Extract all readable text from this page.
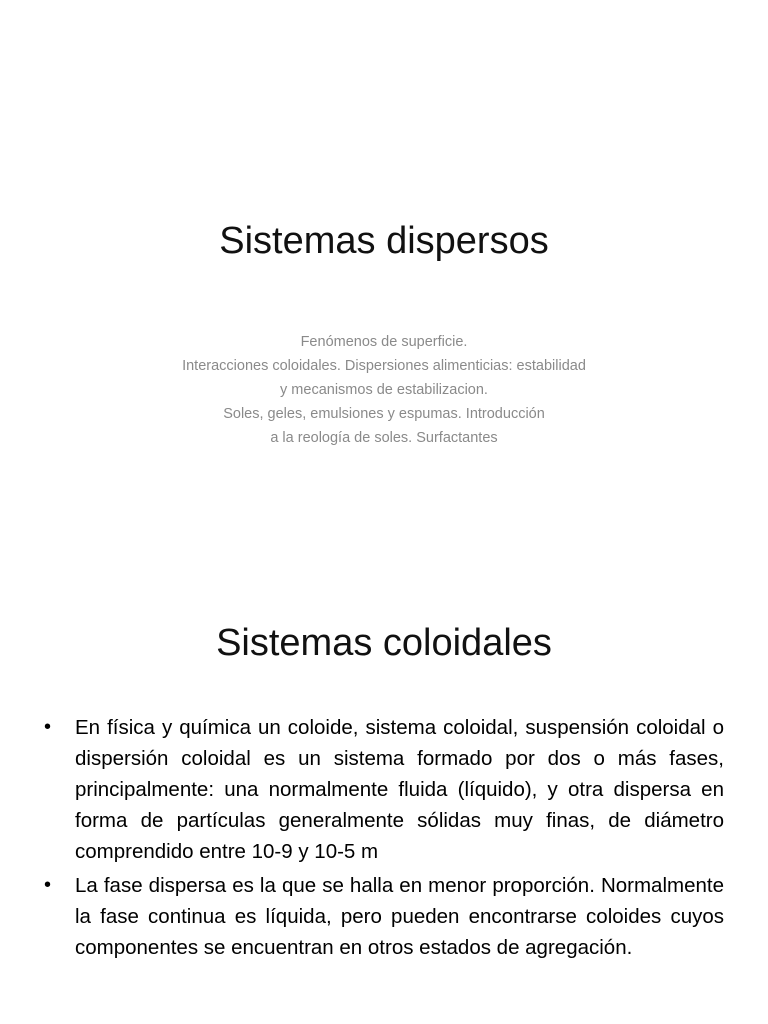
Sistemas dispersos
Fenómenos de superficie.
Interacciones coloidales. Dispersiones alimenticias: estabilidad
y mecanismos de estabilizacion.
Soles, geles, emulsiones y espumas. Introducción
a la reología de soles. Surfactantes
Sistemas coloidales
• En física y química un coloide, sistema coloidal, suspensión coloidal o dispersión coloidal es un sistema formado por dos o más fases, principalmente: una normalmente fluida (líquido), y otra dispersa en forma de partículas generalmente sólidas muy finas, de diámetro comprendido entre 10-9 y 10-5 m
• La fase dispersa es la que se halla en menor proporción. Normalmente la fase continua es líquida, pero pueden encontrarse coloides cuyos componentes se encuentran en otros estados de agregación.
